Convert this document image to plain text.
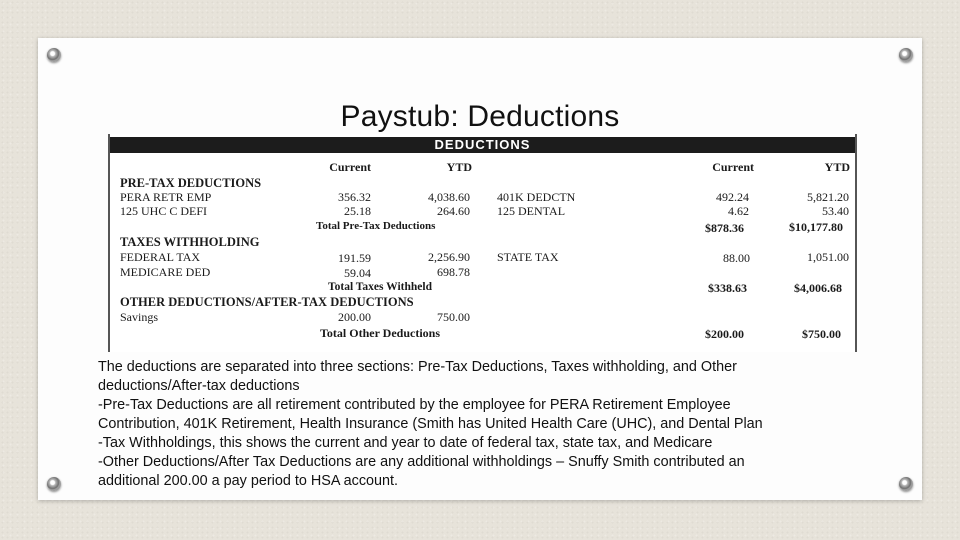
Paystub: Deductions
DEDUCTIONS
Current	YTD	Current	YTD
PRE-TAX DEDUCTIONS
PERA RETR EMP	356.32	4,038.60 401K DEDCTN	492.24	5,821.20
125 UHC C DEFI	25.18	264.60 125 DENTAL	4.62	53.40
Total Pre-Tax Deductions	$878.36	$10,177.80
TAXES WITHHOLDING
FEDERAL TAX	191.59	2,256.90 STATE TAX	88.00	1,051.00
MEDICARE DED	59.04	698.78
Total Taxes Withheld	$338.63	$4,006.68
OTHER DEDUCTIONS/AFTER-TAX DEDUCTIONS
Savings	200.00	750.00
Total Other Deductions	$200.00	$750.00

The deductions are separated into three sections: Pre-Tax Deductions, Taxes withholding, and Other
deductions/After-tax deductions
-Pre-Tax Deductions are all retirement contributed by the employee for PERA Retirement Employee
Contribution, 401K Retirement, Health Insurance (Smith has United Health Care (UHC), and Dental Plan
-Tax Withholdings, this shows the current and year to date of federal tax, state tax, and Medicare
-Other Deductions/After Tax Deductions are any additional withholdings – Snuffy Smith contributed an
additional 200.00 a pay period to HSA account.
